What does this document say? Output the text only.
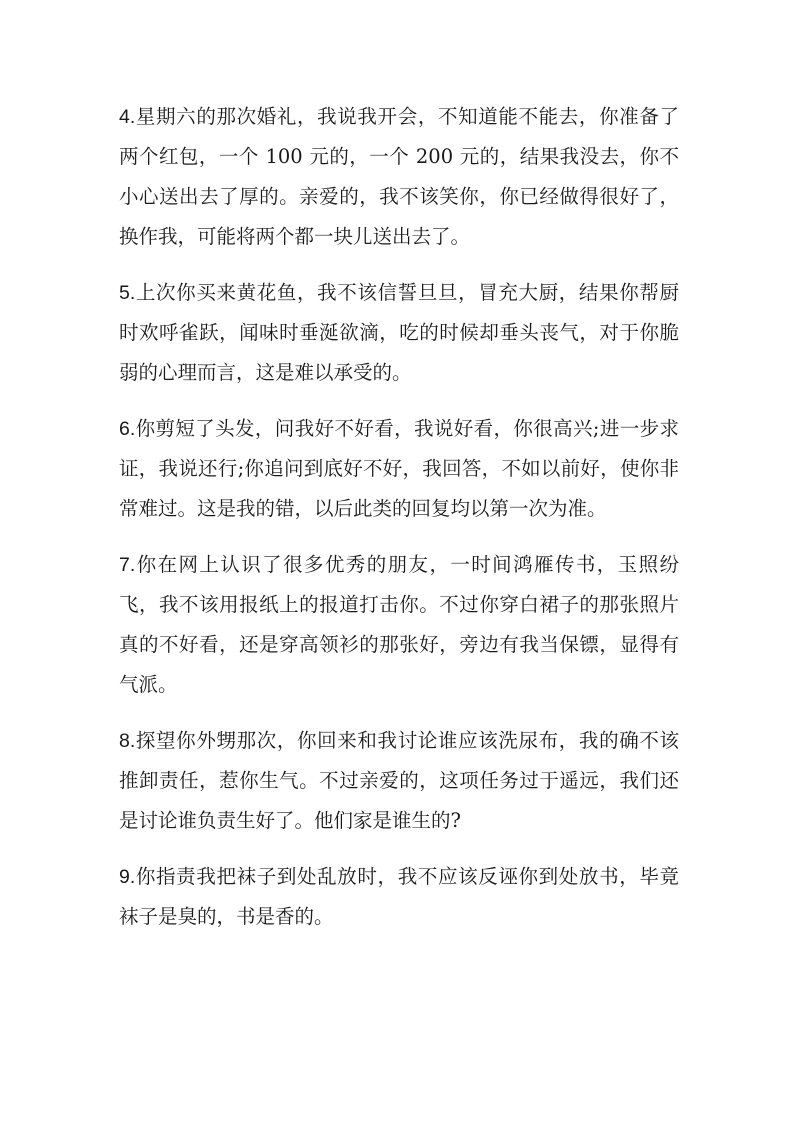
4.星期六的那次婚礼，我说我开会，不知道能不能去，你准备了两个红包，一个 100 元的，一个 200 元的，结果我没去，你不小心送出去了厚的。亲爱的，我不该笑你，你已经做得很好了，换作我，可能将两个都一块儿送出去了。

5.上次你买来黄花鱼，我不该信誓旦旦，冒充大厨，结果你帮厨时欢呼雀跃，闻味时垂涎欲滴，吃的时候却垂头丧气，对于你脆弱的心理而言，这是难以承受的。

6.你剪短了头发，问我好不好看，我说好看，你很高兴;进一步求证，我说还行;你追问到底好不好，我回答，不如以前好，使你非常难过。这是我的错，以后此类的回复均以第一次为准。

7.你在网上认识了很多优秀的朋友，一时间鸿雁传书，玉照纷飞，我不该用报纸上的报道打击你。不过你穿白裙子的那张照片真的不好看，还是穿高领衫的那张好，旁边有我当保镖，显得有气派。

8.探望你外甥那次，你回来和我讨论谁应该洗尿布，我的确不该推卸责任，惹你生气。不过亲爱的，这项任务过于遥远，我们还是讨论谁负责生好了。他们家是谁生的?

9.你指责我把袜子到处乱放时，我不应该反诬你到处放书，毕竟袜子是臭的，书是香的。
